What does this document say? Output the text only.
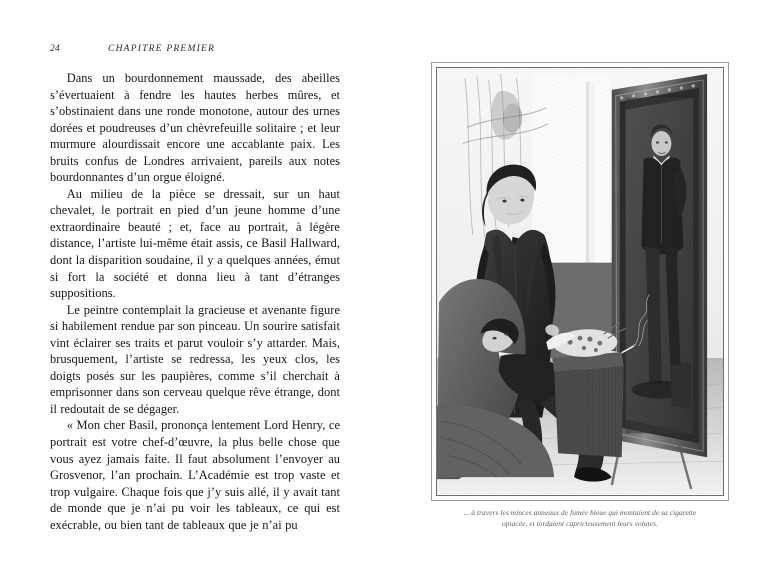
24	CHAPITRE PREMIER

Dans un bourdonnement maussade, des abeilles s’évertuaient à fendre les hautes herbes mûres, et s’obstinaient dans une ronde monotone, autour des urnes dorées et poudreuses d’un chèvrefeuille solitaire ; et leur murmure alourdissait encore une accablante paix. Les bruits confus de Londres arrivaient, pareils aux notes bourdonnantes d’un orgue éloigné.

Au milieu de la pièce se dressait, sur un haut chevalet, le portrait en pied d’un jeune homme d’une extraordinaire beauté ; et, face au portrait, à légère distance, l’artiste lui-même était assis, ce Basil Hallward, dont la disparition soudaine, il y a quelques années, émut si fort la société et donna lieu à tant d’étranges suppositions.

Le peintre contemplait la gracieuse et avenante figure si habilement rendue par son pinceau. Un sourire satisfait vint éclairer ses traits et parut vouloir s’y attarder. Mais, brusquement, l’artiste se redressa, les yeux clos, les doigts posés sur les paupières, comme s’il cherchait à emprisonner dans son cerveau quelque rêve étrange, dont il redoutait de se dégager.

« Mon cher Basil, prononça lentement Lord Henry, ce portrait est votre chef-d’œuvre, la plus belle chose que vous ayez jamais faite. Il faut absolument l’envoyer au Grosvenor, l’an prochain. L’Académie est trop vaste et trop vulgaire. Chaque fois que j’y suis allé, il y avait tant de monde que je n’ai pu voir les tableaux, ce qui est exécrable, ou bien tant de tableaux que je n’ai pu

... à travers les minces anneaux de fumée bleue qui montaient de sa cigarette
opiacée, et tordaient capricieusement leurs volutes.
